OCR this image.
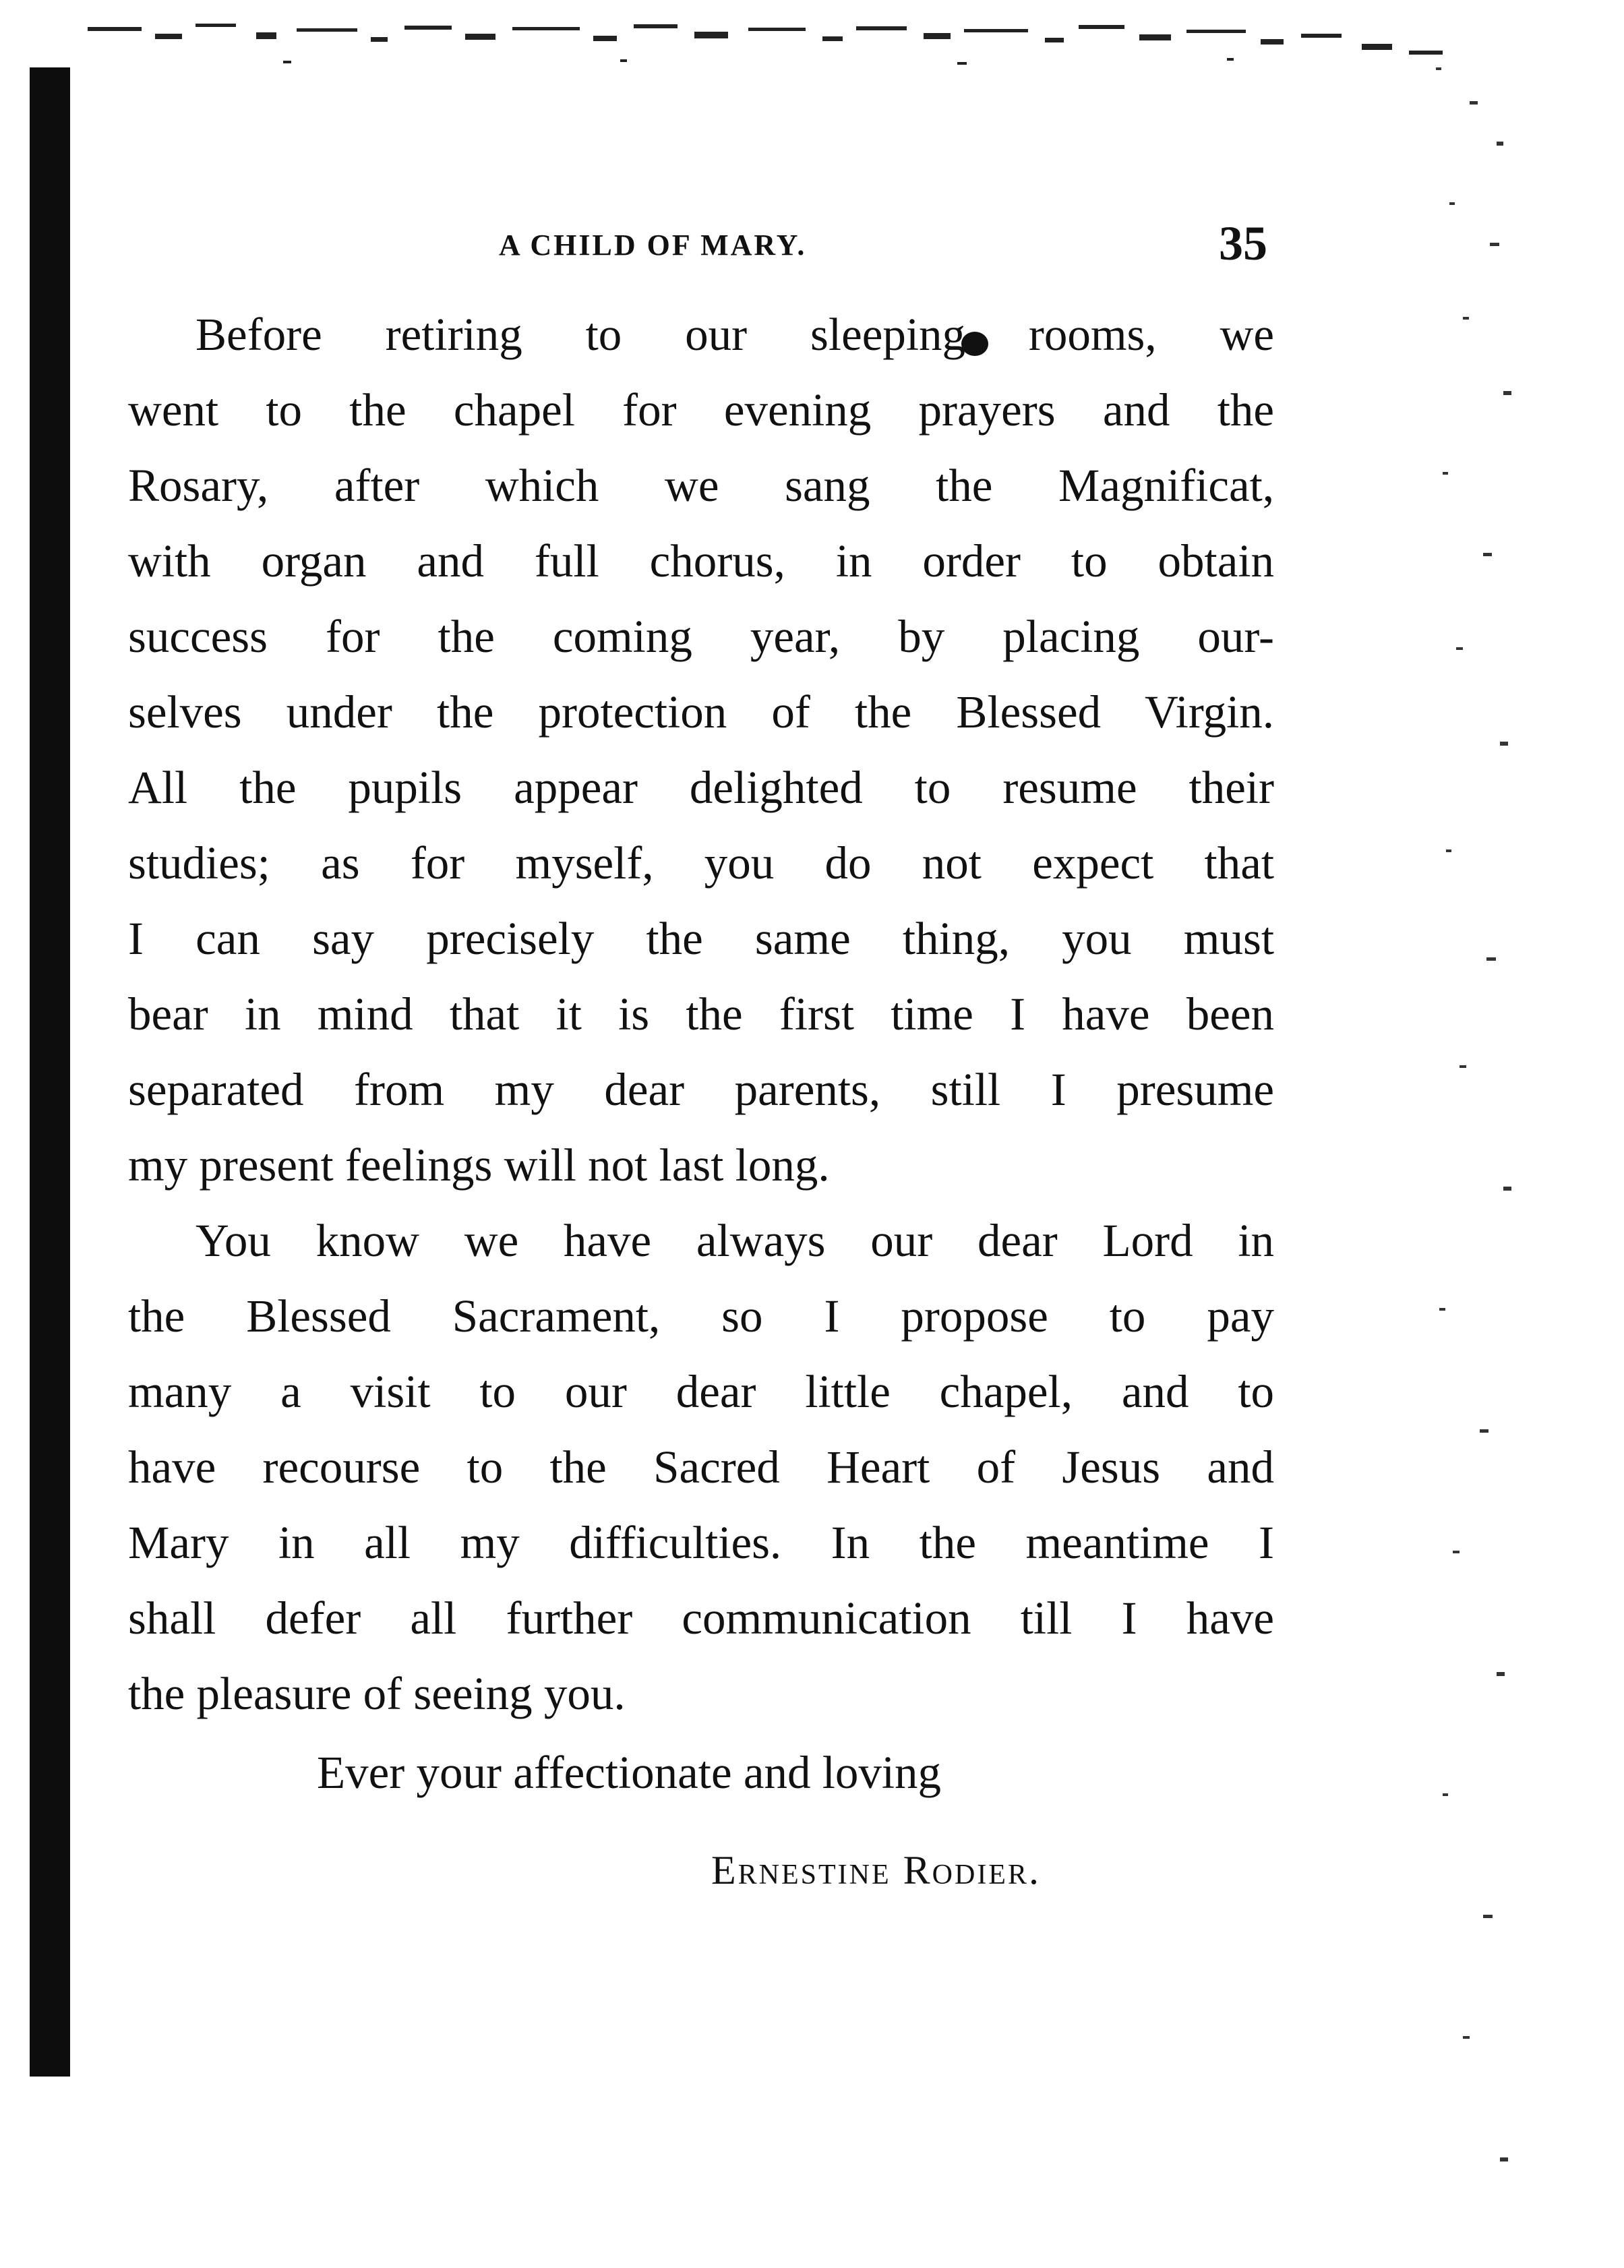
A CHILD OF MARY.	35
Before retiring to our sleeping rooms, we
went to the chapel for evening prayers and the
Rosary, after which we sang the Magnificat,
with organ and full chorus, in order to obtain
success for the coming year, by placing our-
selves under the protection of the Blessed Virgin.
All the pupils appear delighted to resume their
studies; as for myself, you do not expect that
I can say precisely the same thing, you must
bear in mind that it is the first time I have been
separated from my dear parents, still I presume
my present feelings will not last long.
You know we have always our dear Lord in
the Blessed Sacrament, so I propose to pay
many a visit to our dear little chapel, and to
have recourse to the Sacred Heart of Jesus and
Mary in all my difficulties. In the meantime I
shall defer all further communication till I have
the pleasure of seeing you.
Ever your affectionate and loving
Ernestine Rodier.
